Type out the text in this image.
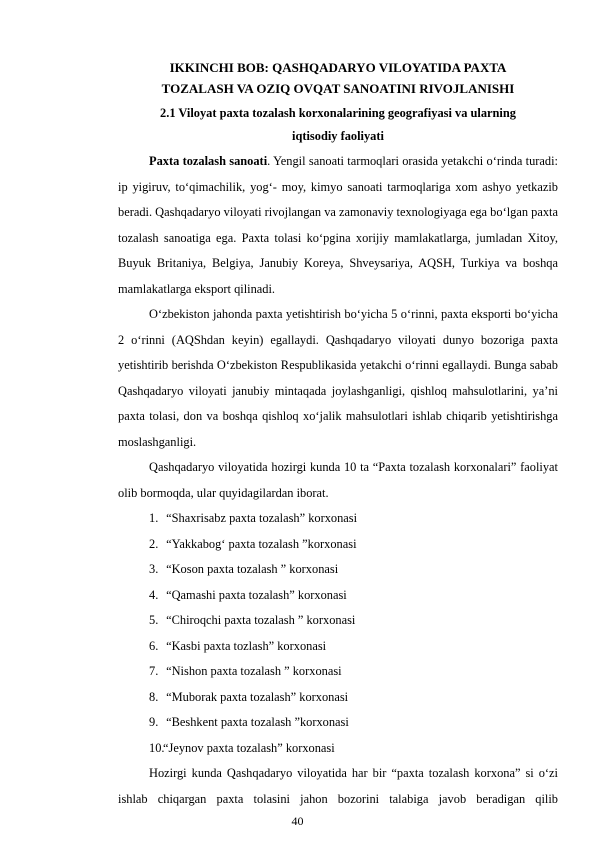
IKKINCHI BOB: QASHQADARYO VILOYATIDA PAXTA

TOZALASH VA OZIQ OVQAT SANOATINI RIVOJLANISHI

2.1 Viloyat paxta tozalash korxonalarining geografiyasi va ularning

iqtisodiy faoliyati

Paxta tozalash sanoati. Yengil sanoati tarmoqlari orasida yetakchi o‘rinda turadi: ip yigiruv, to‘qimachilik, yog‘- moy, kimyo sanoati tarmoqlariga xom ashyo yetkazib beradi. Qashqadaryo viloyati rivojlangan va zamonaviy texnologiyaga ega bo‘lgan paxta tozalash sanoatiga ega. Paxta tolasi ko‘pgina xorijiy mamlakatlarga, jumladan Xitoy, Buyuk Britaniya, Belgiya, Janubiy Koreya, Shveysariya, AQSH, Turkiya va boshqa mamlakatlarga eksport qilinadi.

O‘zbekiston jahonda paxta yetishtirish bo‘yicha 5 o‘rinni, paxta eksporti bo‘yicha 2 o‘rinni (AQShdan keyin) egallaydi. Qashqadaryo viloyati dunyo bozoriga paxta yetishtirib berishda O‘zbekiston Respublikasida yetakchi o‘rinni egallaydi. Bunga sabab Qashqadaryo viloyati janubiy mintaqada joylashganligi, qishloq mahsulotlarini, ya’ni paxta tolasi, don va boshqa qishloq xo‘jalik mahsulotlari ishlab chiqarib yetishtirishga moslashganligi.

Qashqadaryo viloyatida hozirgi kunda 10 ta “Paxta tozalash korxonalari” faoliyat olib bormoqda, ular quyidagilardan iborat.

1. “Shaxrisabz paxta tozalash” korxonasi
2. “Yakkabog‘ paxta tozalash ”korxonasi
3. “Koson paxta tozalash ” korxonasi
4. “Qamashi paxta tozalash” korxonasi
5. “Chiroqchi paxta tozalash ” korxonasi
6. “Kasbi paxta tozlash” korxonasi
7. “Nishon paxta tozalash ” korxonasi
8. “Muborak paxta tozalash” korxonasi
9. “Beshkent paxta tozalash ”korxonasi
10.“Jeynov paxta tozalash” korxonasi

Hozirgi kunda Qashqadaryo viloyatida har bir “paxta tozalash korxona” si o‘zi ishlab chiqargan paxta tolasini jahon bozorini talabiga javob beradigan qilib

40
